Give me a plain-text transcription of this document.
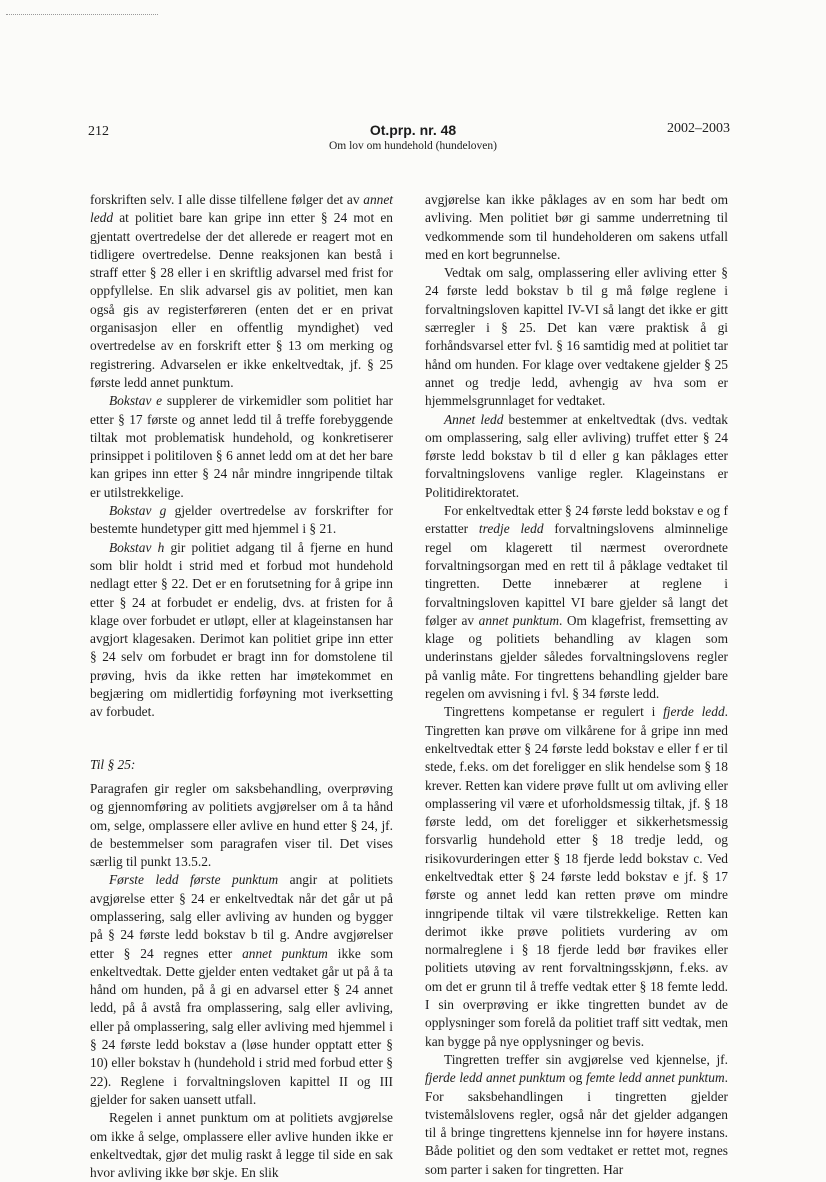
212	Ot.prp. nr. 48
Om lov om hundehold (hundeloven)
2002–2003

forskriften selv. I alle disse tilfellene følger det av annet ledd at politiet bare kan gripe inn etter § 24 mot en gjentatt overtredelse der det allerede er reagert mot en tidligere overtredelse. Denne reaksjonen kan bestå i straff etter § 28 eller i en skriftlig advarsel med frist for oppfyllelse. En slik advarsel gis av politiet, men kan også gis av registerføreren (enten det er en privat organisasjon eller en offentlig myndighet) ved overtredelse av en forskrift etter § 13 om merking og registrering. Advarselen er ikke enkeltvedtak, jf. § 25 første ledd annet punktum.

Bokstav e supplerer de virkemidler som politiet har etter § 17 første og annet ledd til å treffe forebyggende tiltak mot problematisk hundehold, og konkretiserer prinsippet i politiloven § 6 annet ledd om at det her bare kan gripes inn etter § 24 når mindre inngripende tiltak er utilstrekkelige.

Bokstav g gjelder overtredelse av forskrifter for bestemte hundetyper gitt med hjemmel i § 21.

Bokstav h gir politiet adgang til å fjerne en hund som blir holdt i strid med et forbud mot hundehold nedlagt etter § 22. Det er en forutsetning for å gripe inn etter § 24 at forbudet er endelig, dvs. at fristen for å klage over forbudet er utløpt, eller at klageinstansen har avgjort klagesaken. Derimot kan politiet gripe inn etter § 24 selv om forbudet er bragt inn for domstolene til prøving, hvis da ikke retten har imøtekommet en begjæring om midlertidig forføyning mot iverksetting av forbudet.

Til § 25:

Paragrafen gir regler om saksbehandling, overprøving og gjennomføring av politiets avgjørelser om å ta hånd om, selge, omplassere eller avlive en hund etter § 24, jf. de bestemmelser som paragrafen viser til. Det vises særlig til punkt 13.5.2.

Første ledd første punktum angir at politiets avgjørelse etter § 24 er enkeltvedtak når det går ut på omplassering, salg eller avliving av hunden og bygger på § 24 første ledd bokstav b til g. Andre avgjørelser etter § 24 regnes etter annet punktum ikke som enkeltvedtak. Dette gjelder enten vedtaket går ut på å ta hånd om hunden, på å gi en advarsel etter § 24 annet ledd, på å avstå fra omplassering, salg eller avliving, eller på omplassering, salg eller avliving med hjemmel i § 24 første ledd bokstav a (løse hunder opptatt etter § 10) eller bokstav h (hundehold i strid med forbud etter § 22). Reglene i forvaltningsloven kapittel II og III gjelder for saken uansett utfall.

Regelen i annet punktum om at politiets avgjørelse om ikke å selge, omplassere eller avlive hunden ikke er enkeltvedtak, gjør det mulig raskt å legge til side en sak hvor avliving ikke bør skje. En slik

avgjørelse kan ikke påklages av en som har bedt om avliving. Men politiet bør gi samme underretning til vedkommende som til hundeholderen om sakens utfall med en kort begrunnelse.

Vedtak om salg, omplassering eller avliving etter § 24 første ledd bokstav b til g må følge reglene i forvaltningsloven kapittel IV-VI så langt det ikke er gitt særregler i § 25. Det kan være praktisk å gi forhåndsvarsel etter fvl. § 16 samtidig med at politiet tar hånd om hunden. For klage over vedtakene gjelder § 25 annet og tredje ledd, avhengig av hva som er hjemmelsgrunnlaget for vedtaket.

Annet ledd bestemmer at enkeltvedtak (dvs. vedtak om omplassering, salg eller avliving) truffet etter § 24 første ledd bokstav b til d eller g kan påklages etter forvaltningslovens vanlige regler. Klageinstans er Politidirektoratet.

For enkeltvedtak etter § 24 første ledd bokstav e og f erstatter tredje ledd forvaltningslovens alminnelige regel om klagerett til nærmest overordnete forvaltningsorgan med en rett til å påklage vedtaket til tingretten. Dette innebærer at reglene i forvaltningsloven kapittel VI bare gjelder så langt det følger av annet punktum. Om klagefrist, fremsetting av klage og politiets behandling av klagen som underinstans gjelder således forvaltningslovens regler på vanlig måte. For tingrettens behandling gjelder bare regelen om avvisning i fvl. § 34 første ledd.

Tingrettens kompetanse er regulert i fjerde ledd. Tingretten kan prøve om vilkårene for å gripe inn med enkeltvedtak etter § 24 første ledd bokstav e eller f er til stede, f.eks. om det foreligger en slik hendelse som § 18 krever. Retten kan videre prøve fullt ut om avliving eller omplassering vil være et uforholdsmessig tiltak, jf. § 18 første ledd, om det foreligger et sikkerhetsmessig forsvarlig hundehold etter § 18 tredje ledd, og risikovurderingen etter § 18 fjerde ledd bokstav c. Ved enkeltvedtak etter § 24 første ledd bokstav e jf. § 17 første og annet ledd kan retten prøve om mindre inngripende tiltak vil være tilstrekkelige. Retten kan derimot ikke prøve politiets vurdering av om normalreglene i § 18 fjerde ledd bør fravikes eller politiets utøving av rent forvaltningsskjønn, f.eks. av om det er grunn til å treffe vedtak etter § 18 femte ledd. I sin overprøving er ikke tingretten bundet av de opplysninger som forelå da politiet traff sitt vedtak, men kan bygge på nye opplysninger og bevis.

Tingretten treffer sin avgjørelse ved kjennelse, jf. fjerde ledd annet punktum og femte ledd annet punktum. For saksbehandlingen i tingretten gjelder tvistemålslovens regler, også når det gjelder adgangen til å bringe tingrettens kjennelse inn for høyere instans. Både politiet og den som vedtaket er rettet mot, regnes som parter i saken for tingretten. Har
